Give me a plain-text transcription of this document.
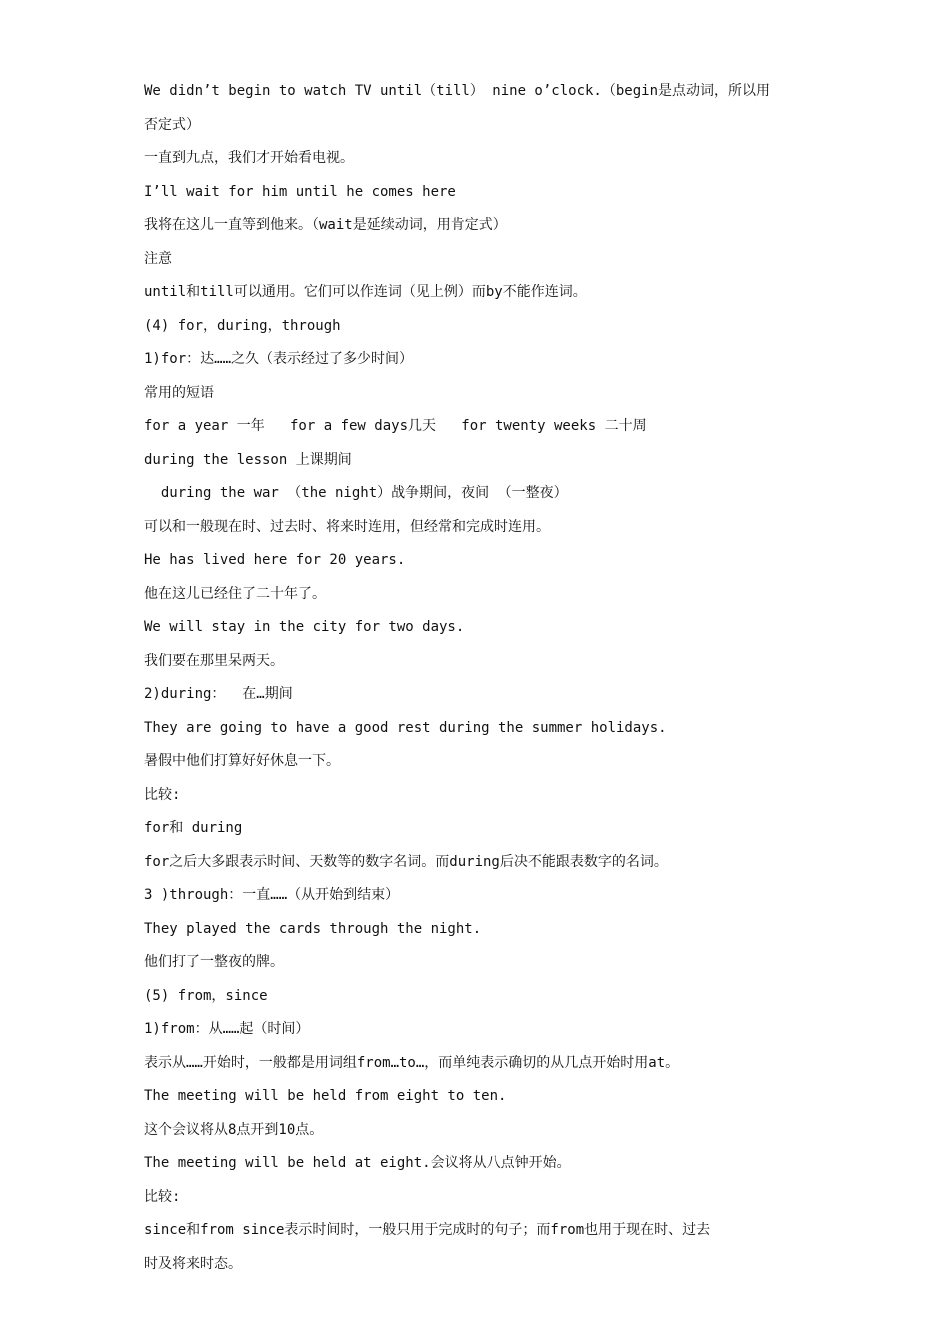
We didn’t begin to watch TV until（till） nine o’clock.（begin是点动词，所以用
否定式）
一直到九点，我们才开始看电视。
I’ll wait for him until he comes here
我将在这儿一直等到他来。（wait是延续动词，用肯定式）
注意
until和till可以通用。它们可以作连词（见上例）而by不能作连词。
(4) for，during，through
1)for：达……之久（表示经过了多少时间）
常用的短语
for a year 一年   for a few days几天   for twenty weeks 二十周
during the lesson 上课期间
during the war （the night）战争期间，夜间 （一整夜）
可以和一般现在时、过去时、将来时连用，但经常和完成时连用。
He has lived here for 20 years.
他在这儿已经住了二十年了。
We will stay in the city for two days.
我们要在那里呆两天。
2)during：  在…期间
They are going to have a good rest during the summer holidays.
暑假中他们打算好好休息一下。
比较:
for和 during
for之后大多跟表示时间、天数等的数字名词。而during后决不能跟表数字的名词。
3 )through：一直……（从开始到结束）
They played the cards through the night.
他们打了一整夜的牌。
(5) from，since
1)from：从……起（时间）
表示从……开始时，一般都是用词组from…to…，而单纯表示确切的从几点开始时用at。
The meeting will be held from eight to ten.
这个会议将从8点开到10点。
The meeting will be held at eight.会议将从八点钟开始。
比较:
since和from since表示时间时，一般只用于完成时的句子；而from也用于现在时、过去
时及将来时态。
